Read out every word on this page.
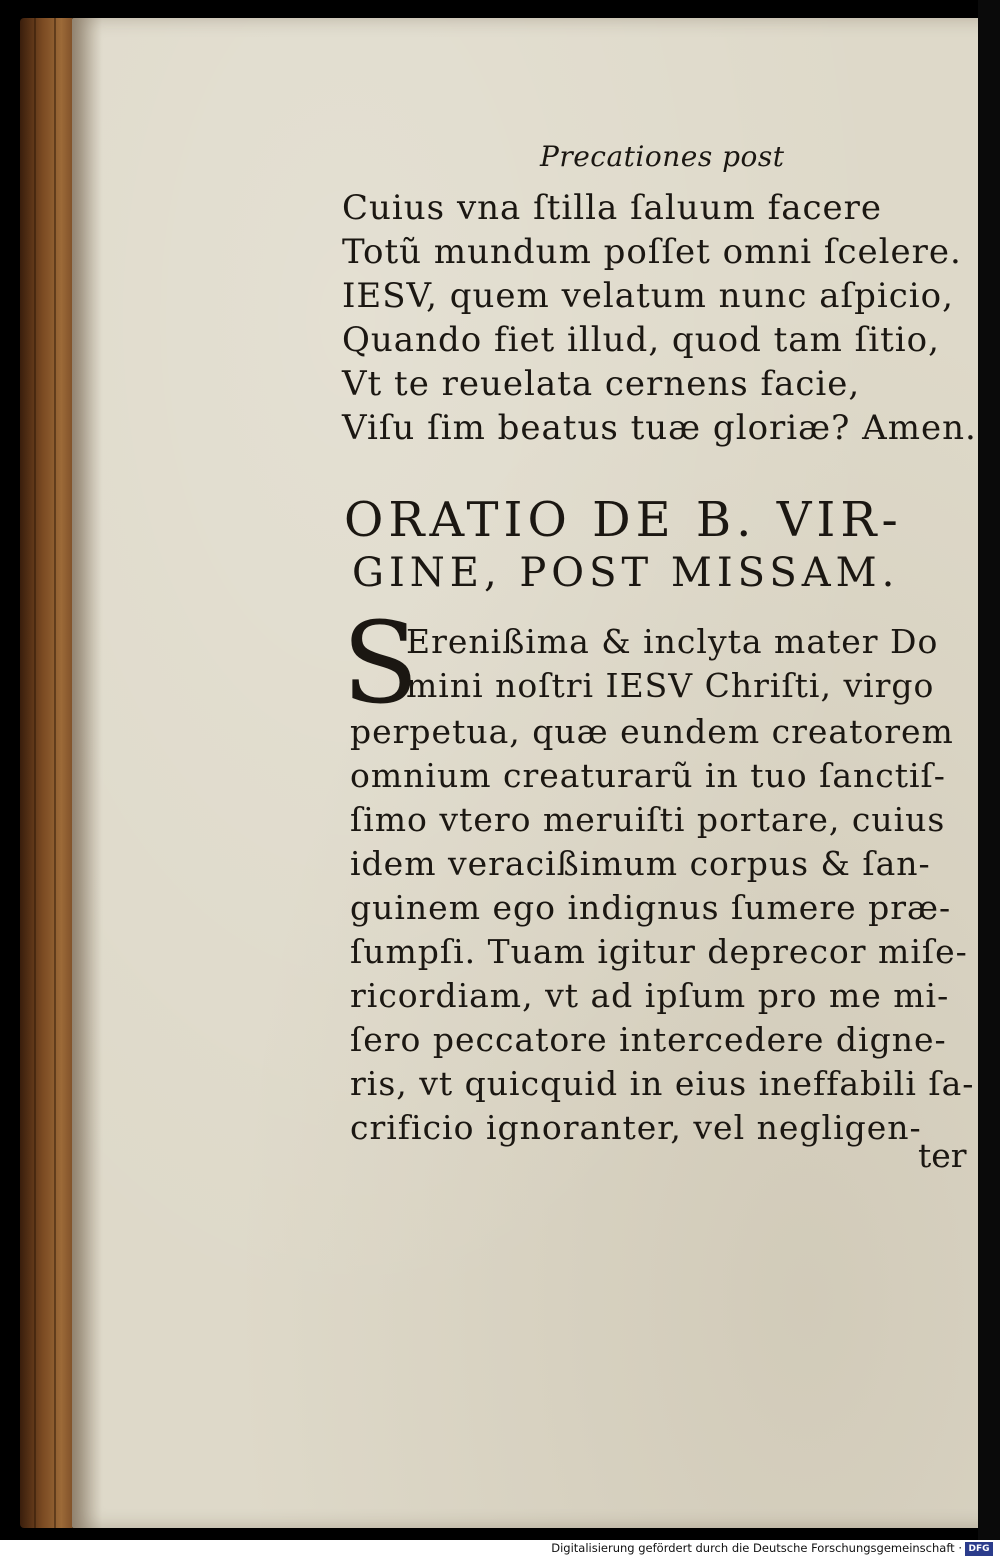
Precationes post
Cuius vna ſtilla ſaluum facere
Totũ mundum poſſet omni ſcelere.
IESV, quem velatum nunc aſpicio,
Quando fiet illud, quod tam ſitio,
Vt te reuelata cernens facie,
Viſu ſim beatus tuæ gloriæ? Amen.
ORATIO DE B. VIR-
GINE, POST MISSAM.
S
Erenißima & inclyta mater Do
mini noſtri IESV Chriſti, virgo
perpetua, quæ eundem creatorem
omnium creaturarũ in tuo ſanctiſ-
ſimo vtero meruiſti portare, cuius
idem veracißimum corpus & ſan-
guinem ego indignus ſumere præ-
ſumpſi. Tuam igitur deprecor miſe-
ricordiam, vt ad ipſum pro me mi-
ſero peccatore intercedere digne-
ris, vt quicquid in eius ineffabili ſa-
crificio ignoranter, vel negligen-
ter
Digitalisierung gefördert durch die Deutsche Forschungsgemeinschaft · DFG
